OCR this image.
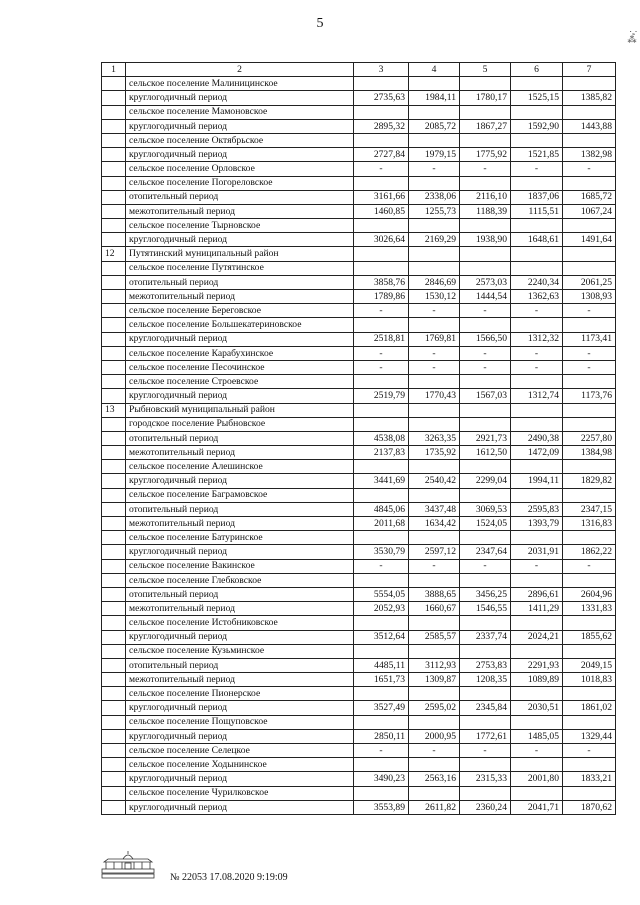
5
⁚ᵃ⁂
1	2	3	4	5	6	7
	сельское поселение Малиницинское					
	круглогодичный период	2735,63	1984,11	1780,17	1525,15	1385,82
	сельское поселение Мамоновское					
	круглогодичный период	2895,32	2085,72	1867,27	1592,90	1443,88
	сельское поселение Октябрьское					
	круглогодичный период	2727,84	1979,15	1775,92	1521,85	1382,98
	сельское поселение Орловское	-	-	-	-	-
	сельское поселение Погореловское					
	отопительный период	3161,66	2338,06	2116,10	1837,06	1685,72
	межотопительный период	1460,85	1255,73	1188,39	1115,51	1067,24
	сельское поселение Тырновское					
	круглогодичный период	3026,64	2169,29	1938,90	1648,61	1491,64
12	Путятинский муниципальный район					
	сельское поселение Путятинское					
	отопительный период	3858,76	2846,69	2573,03	2240,34	2061,25
	межотопительный период	1789,86	1530,12	1444,54	1362,63	1308,93
	сельское поселение Береговское	-	-	-	-	-
	сельское поселение Большекатериновское					
	круглогодичный период	2518,81	1769,81	1566,50	1312,32	1173,41
	сельское поселение Карабухинское	-	-	-	-	-
	сельское поселение Песочинское	-	-	-	-	-
	сельское поселение Строевское					
	круглогодичный период	2519,79	1770,43	1567,03	1312,74	1173,76
13	Рыбновский муниципальный район					
	городское поселение Рыбновское					
	отопительный период	4538,08	3263,35	2921,73	2490,38	2257,80
	межотопительный период	2137,83	1735,92	1612,50	1472,09	1384,98
	сельское поселение Алешинское					
	круглогодичный период	3441,69	2540,42	2299,04	1994,11	1829,82
	сельское поселение Баграмовское					
	отопительный период	4845,06	3437,48	3069,53	2595,83	2347,15
	межотопительный период	2011,68	1634,42	1524,05	1393,79	1316,83
	сельское поселение Батуринское					
	круглогодичный период	3530,79	2597,12	2347,64	2031,91	1862,22
	сельское поселение Вакинское	-	-	-	-	-
	сельское поселение Глебковское					
	отопительный период	5554,05	3888,65	3456,25	2896,61	2604,96
	межотопительный период	2052,93	1660,67	1546,55	1411,29	1331,83
	сельское поселение Истобниковское					
	круглогодичный период	3512,64	2585,57	2337,74	2024,21	1855,62
	сельское поселение Кузьминское					
	отопительный период	4485,11	3112,93	2753,83	2291,93	2049,15
	межотопительный период	1651,73	1309,87	1208,35	1089,89	1018,83
	сельское поселение Пионерское					
	круглогодичный период	3527,49	2595,02	2345,84	2030,51	1861,02
	сельское поселение Пощуповское					
	круглогодичный период	2850,11	2000,95	1772,61	1485,05	1329,44
	сельское поселение Селецкое	-	-	-	-	-
	сельское поселение Ходынинское					
	круглогодичный период	3490,23	2563,16	2315,33	2001,80	1833,21
	сельское поселение Чурилковское					
	круглогодичный период	3553,89	2611,82	2360,24	2041,71	1870,62
№ 22053 17.08.2020 9:19:09
